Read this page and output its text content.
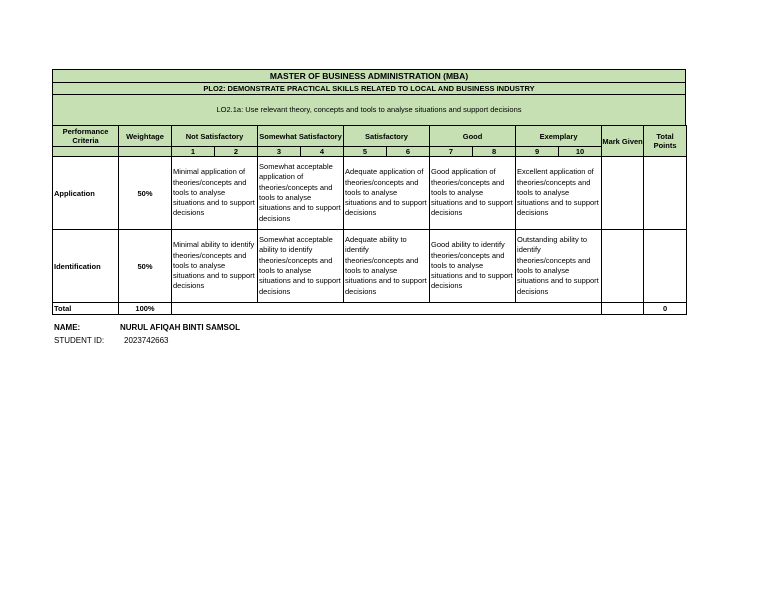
MASTER OF BUSINESS ADMINISTRATION (MBA)
PLO2: DEMONSTRATE PRACTICAL SKILLS RELATED TO LOCAL AND BUSINESS INDUSTRY
LO2.1a: Use relevant theory, concepts and tools to analyse situations and support decisions
Performance Criteria	Weightage	Not Satisfactory		Somewhat Satisfactory		Satisfactory		Good		Exemplary		Mark Given	Total Points
		1	2	3	4	5	6	7	8	9	10		
Application	50%	Minimal application of theories/concepts and tools to analyse situations and to support decisions		Somewhat acceptable application of theories/concepts and tools to analyse situations and to support decisions		Adequate application of theories/concepts and tools to analyse situations and to support decisions		Good application of theories/concepts and tools to analyse situations and to support decisions		Excellent application of theories/concepts and tools to analyse situations and to support decisions			
Identification	50%	Minimal ability to identify theories/concepts and tools to analyse situations and to support decisions		Somewhat acceptable ability to identify theories/concepts and tools to analyse situations and to support decisions		Adequate ability to identify theories/concepts and tools to analyse situations and to support decisions		Good ability to identify theories/concepts and tools to analyse situations and to support decisions		Outstanding ability to identify theories/concepts and tools to analyse situations and to support decisions			
Total	100%												0
NAME:	NURUL AFIQAH BINTI SAMSOL
STUDENT ID:	2023742663
